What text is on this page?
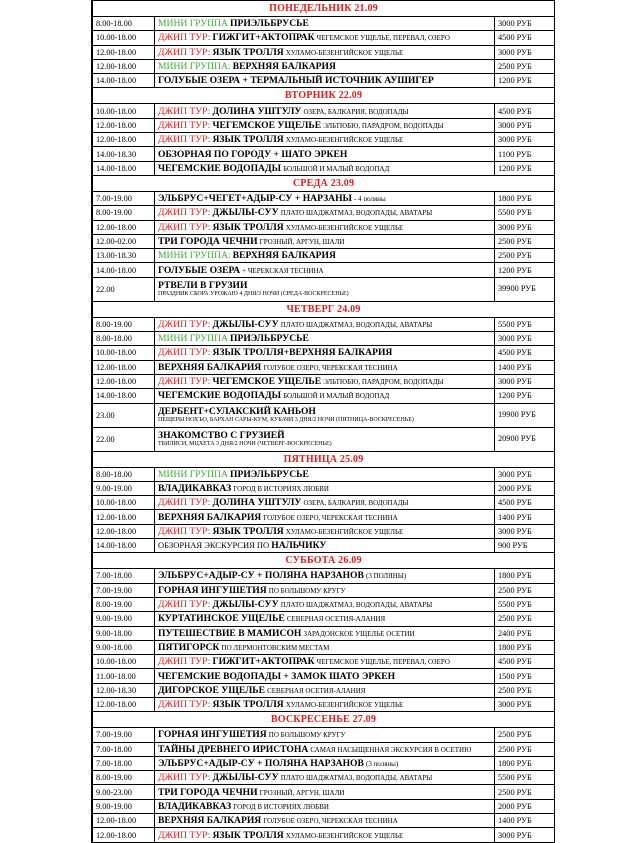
ПОНЕДЕЛЬНИК 21.09		
8.00-18.00	МИНИ ГРУППА ПРИЭЛЬБРУСЬЕ	3000 РУБ
10.00-18.00	ДЖИП ТУР: ГИЖГИТ+АКТОПРАК ЧЕГЕМСКОЕ УЩЕЛЬЕ, ПЕРЕВАЛ, ОЗЕРО	4500 РУБ
12.00-18.00	ДЖИП ТУР: ЯЗЫК ТРОЛЛЯ ХУЛАМО-БЕЗЕНГИЙСКОЕ УЩЕЛЬЕ	3000 РУБ
12.00-18.00	МИНИ ГРУППА: ВЕРХНЯЯ БАЛКАРИЯ	2500 РУБ
14.00-18.00	ГОЛУБЫЕ ОЗЕРА + ТЕРМАЛЬНЫЙ ИСТОЧНИК АУШИГЕР	1200 РУБ
ВТОРНИК 22.09		
10.00-18.00	ДЖИП ТУР: ДОЛИНА УШТУЛУ ОЗЕРА, БАЛКАРИЯ, ВОДОПАДЫ	4500 РУБ
12.00-18.00	ДЖИП ТУР: ЧЕГЕМСКОЕ УЩЕЛЬЕ ЭЛЬТЮБЮ, ПАРАДРОМ, ВОДОПАДЫ	3000 РУБ
12.00-18.00	ДЖИП ТУР: ЯЗЫК ТРОЛЛЯ ХУЛАМО-БЕЗЕНГИЙСКОЕ УЩЕЛЬЕ	3000 РУБ
14.00-18.30	ОБЗОРНАЯ ПО ГОРОДУ + ШАТО ЭРКЕН	1100 РУБ
14.00-18.00	ЧЕГЕМСКИЕ ВОДОПАДЫ БОЛЬШОЙ И МАЛЫЙ ВОДОПАД	1200 РУБ
СРЕДА 23.09		
7.00-19.00	ЭЛЬБРУС+ЧЕГЕТ+АДЫР-СУ + НАРЗАНЫ - 4 поляны	1800 РУБ
8.00-19.00	ДЖИП ТУР: ДЖЫЛЫ-СУУ ПЛАТО ШАДЖАТМАЗ, ВОДОПАДЫ, АВАТАРЫ	5500 РУБ
12.00-18.00	ДЖИП ТУР: ЯЗЫК ТРОЛЛЯ ХУЛАМО-БЕЗЕНГИЙСКОЕ УЩЕЛЬЕ	3000 РУБ
12.00-02.00	ТРИ ГОРОДА ЧЕЧНИ ГРОЗНЫЙ, АРГУН, ШАЛИ	2500 РУБ
13.00-18.30	МИНИ ГРУППА: ВЕРХНЯЯ БАЛКАРИЯ	2500 РУБ
14.00-18.00	ГОЛУБЫЕ ОЗЕРА + ЧЕРЕКСКАЯ ТЕСНИНА	1200 РУБ
22.00	РТВЕЛИ В ГРУЗИИ
ПРАЗДНИК СБОРА УРОЖАЮ 4 ДНЯ/3 НОЧИ (СРЕДА-ВОСКРЕСЕНЬЕ)	39900 РУБ
ЧЕТВЕРГ 24.09		
8.00-19.00	ДЖИП ТУР: ДЖЫЛЫ-СУУ ПЛАТО ШАДЖАТМАЗ, ВОДОПАДЫ, АВАТАРЫ	5500 РУБ
8.00-18.00	МИНИ ГРУППА ПРИЭЛЬБРУСЬЕ	3000 РУБ
10.00-18.00	ДЖИП ТУР: ЯЗЫК ТРОЛЛЯ+ВЕРХНЯЯ БАЛКАРИЯ	4500 РУБ
12.00-18.00	ВЕРХНЯЯ БАЛКАРИЯ ГОЛУБОЕ ОЗЕРО, ЧЕРЕКСКАЯ ТЕСНИНА	1400 РУБ
12.00-18.00	ДЖИП ТУР: ЧЕГЕМСКОЕ УЩЕЛЬЕ ЭЛЬТЮБЮ, ПАРАДРОМ, ВОДОПАДЫ	3000 РУБ
14.00-18.00	ЧЕГЕМСКИЕ ВОДОПАДЫ БОЛЬШОЙ И МАЛЫЙ ВОДОПАД	1200 РУБ
23.00	ДЕРБЕНТ+СУЛАКСКИЙ КАНЬОН
ПЕЩЕРЫ НОХЪО, БАРХАН САРЫ-КУМ, КУБАЧИ 3 ДНЯ/2 НОЧИ (ПЯТНИЦА-ВОСКРЕСЕНЬЕ)	19900 РУБ
22.00	ЗНАКОМСТВО С ГРУЗИЕЙ
ТБИЛИСИ, МЦХЕТА 3 ДНЯ/2 НОЧИ (ЧЕТВЕРГ-ВОСКРЕСЕНЬЕ)	20900 РУБ
ПЯТНИЦА 25.09		
8.00-18.00	МИНИ ГРУППА ПРИЭЛЬБРУСЬЕ	3000 РУБ
9.00-19.00	ВЛАДИКАВКАЗ ГОРОД В ИСТОРИЯХ ЛЮБВИ	2000 РУБ
10.00-18.00	ДЖИП ТУР: ДОЛИНА УШТУЛУ ОЗЕРА, БАЛКАРИЯ, ВОДОПАДЫ	4500 РУБ
12.00-18.00	ВЕРХНЯЯ БАЛКАРИЯ ГОЛУБОЕ ОЗЕРО, ЧЕРЕКСКАЯ ТЕСНИНА	1400 РУБ
12.00-18.00	ДЖИП ТУР: ЯЗЫК ТРОЛЛЯ ХУЛАМО-БЕЗЕНГИЙСКОЕ УЩЕЛЬЕ	3000 РУБ
14.00-18.00	ОБЗОРНАЯ ЭКСКУРСИЯ ПО НАЛЬЧИКУ	900 РУБ
СУББОТА 26.09		
7.00-18.00	ЭЛЬБРУС+АДЫР-СУ + ПОЛЯНА НАРЗАНОВ (3 ПОЛЯНЫ)	1800 РУБ
7.00-19.00	ГОРНАЯ ИНГУШЕТИЯ ПО БОЛЬШОМУ КРУГУ	2500 РУБ
8.00-19.00	ДЖИП ТУР: ДЖЫЛЫ-СУУ ПЛАТО ШАДЖАТМАЗ, ВОДОПАДЫ, АВАТАРЫ	5500 РУБ
9.00-19.00	КУРТАТИНСКОЕ УЩЕЛЬЕ СЕВЕРНАЯ ОСЕТИЯ-АЛАНИЯ	2500 РУБ
9.00-18.00	ПУТЕШЕСТВИЕ В МАМИСОН ЗАРАДОНСКОЕ УЩЕЛЬЕ ОСЕТИИ	2400 РУБ
9.00-18.00	ПЯТИГОРСК ПО ЛЕРМОНТОВСКИМ МЕСТАМ	1800 РУБ
10.00-18.00	ДЖИП ТУР: ГИЖГИТ+АКТОПРАК ЧЕГЕМСКОЕ УЩЕЛЬЕ, ПЕРЕВАЛ, ОЗЕРО	4500 РУБ
11.00-18.00	ЧЕГЕМСКИЕ ВОДОПАДЫ + ЗАМОК ШАТО ЭРКЕН	1500 РУБ
12.00-18.30	ДИГОРСКОЕ УЩЕЛЬЕ СЕВЕРНАЯ ОСЕТИЯ-АЛАНИЯ	2500 РУБ
12.00-18.00	ДЖИП ТУР: ЯЗЫК ТРОЛЛЯ ХУЛАМО-БЕЗЕНГИЙСКОЕ УЩЕЛЬЕ	3000 РУБ
ВОСКРЕСЕНЬЕ 27.09		
7.00-19.00	ГОРНАЯ ИНГУШЕТИЯ ПО БОЛЬШОМУ КРУГУ	2500 РУБ
7.00-18.00	ТАЙНЫ ДРЕВНЕГО ИРИСТОНА САМАЯ НАСЫЩЕННАЯ ЭКСКУРСИЯ В ОСЕТИЮ	2500 РУБ
7.00-18.00	ЭЛЬБРУС+АДЫР-СУ + ПОЛЯНА НАРЗАНОВ (3 поляны)	1800 РУБ
8.00-19.00	ДЖИП ТУР: ДЖЫЛЫ-СУУ ПЛАТО ШАДЖАТМАЗ, ВОДОПАДЫ, АВАТАРЫ	5500 РУБ
9.00-23.00	ТРИ ГОРОДА ЧЕЧНИ ГРОЗНЫЙ, АРГУН, ШАЛИ	2500 РУБ
9.00-19.00	ВЛАДИКАВКАЗ ГОРОД В ИСТОРИЯХ ЛЮБВИ	2000 РУБ
12.00-18.00	ВЕРХНЯЯ БАЛКАРИЯ ГОЛУБОЕ ОЗЕРО, ЧЕРЕКСКАЯ ТЕСНИНА	1400 РУБ
12.00-18.00	ДЖИП ТУР: ЯЗЫК ТРОЛЛЯ ХУЛАМО-БЕЗЕНГИЙСКОЕ УЩЕЛЬЕ	3000 РУБ
